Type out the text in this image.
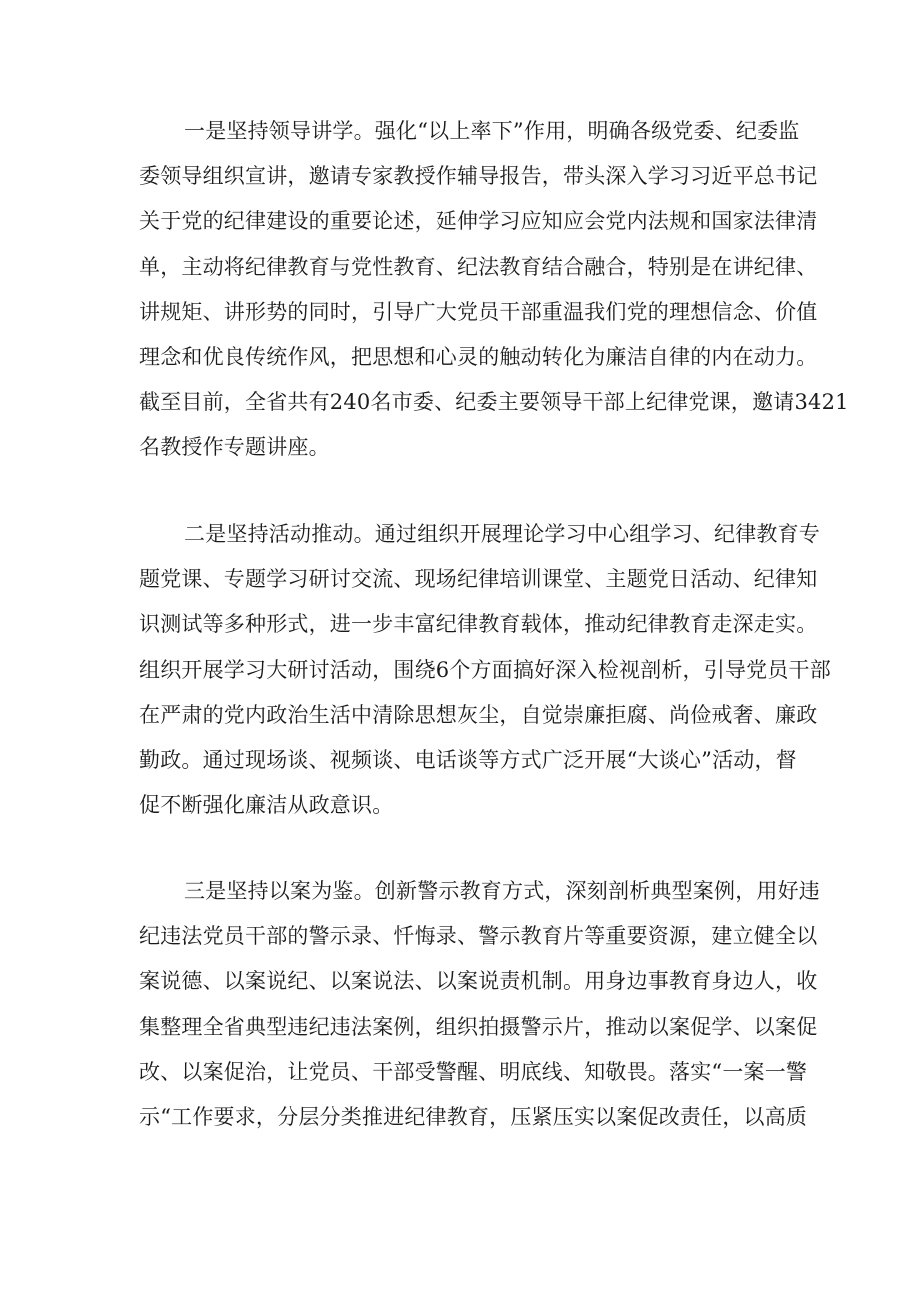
一是坚持领导讲学。强化“以上率下”作用，明确各级党委、纪委监
委领导组织宣讲，邀请专家教授作辅导报告，带头深入学习习近平总书记
关于党的纪律建设的重要论述，延伸学习应知应会党内法规和国家法律清
单，主动将纪律教育与党性教育、纪法教育结合融合，特别是在讲纪律、
讲规矩、讲形势的同时，引导广大党员干部重温我们党的理想信念、价值
理念和优良传统作风，把思想和心灵的触动转化为廉洁自律的内在动力。
截至目前，全省共有240名市委、纪委主要领导干部上纪律党课，邀请3421
名教授作专题讲座。
二是坚持活动推动。通过组织开展理论学习中心组学习、纪律教育专
题党课、专题学习研讨交流、现场纪律培训课堂、主题党日活动、纪律知
识测试等多种形式，进一步丰富纪律教育载体，推动纪律教育走深走实。
组织开展学习大研讨活动，围绕6个方面搞好深入检视剖析，引导党员干部
在严肃的党内政治生活中清除思想灰尘，自觉崇廉拒腐、尚俭戒奢、廉政
勤政。通过现场谈、视频谈、电话谈等方式广泛开展“大谈心”活动，督
促不断强化廉洁从政意识。
三是坚持以案为鉴。创新警示教育方式，深刻剖析典型案例，用好违
纪违法党员干部的警示录、忏悔录、警示教育片等重要资源，建立健全以
案说德、以案说纪、以案说法、以案说责机制。用身边事教育身边人，收
集整理全省典型违纪违法案例，组织拍摄警示片，推动以案促学、以案促
改、以案促治，让党员、干部受警醒、明底线、知敬畏。落实“一案一警
示“工作要求，分层分类推进纪律教育，压紧压实以案促改责任，以高质
